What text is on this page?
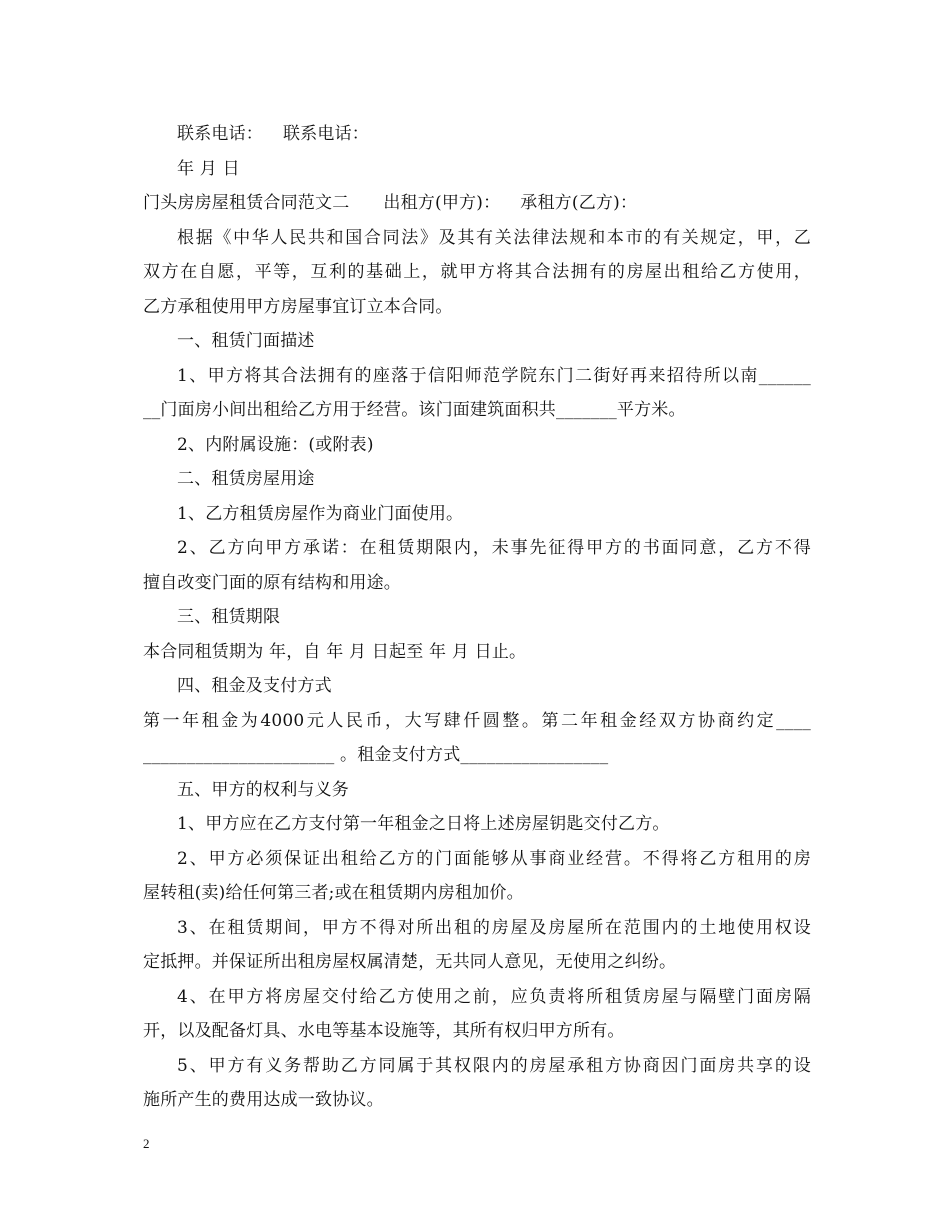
联系电话： 联系电话：
年 月 日
门头房房屋租赁合同范文二 出租方(甲方)： 承租方(乙方)：
根据《中华人民共和国合同法》及其有关法律法规和本市的有关规定，甲，乙
双方在自愿，平等，互利的基础上，就甲方将其合法拥有的房屋出租给乙方使用，
乙方承租使用甲方房屋事宜订立本合同。
一、租赁门面描述
1、甲方将其合法拥有的座落于信阳师范学院东门二街好再来招待所以南______
__门面房小间出租给乙方用于经营。该门面建筑面积共_______平方米。
2、内附属设施：(或附表)
二、租赁房屋用途
1、乙方租赁房屋作为商业门面使用。
2、乙方向甲方承诺：在租赁期限内，未事先征得甲方的书面同意，乙方不得
擅自改变门面的原有结构和用途。
三、租赁期限
本合同租赁期为 年，自 年 月 日起至 年 月 日止。
四、租金及支付方式
第一年租金为4000元人民币，大写肆仟圆整。第二年租金经双方协商约定____
______________________ 。租金支付方式_________________
五、甲方的权利与义务
1、甲方应在乙方支付第一年租金之日将上述房屋钥匙交付乙方。
2、甲方必须保证出租给乙方的门面能够从事商业经营。不得将乙方租用的房
屋转租(卖)给任何第三者;或在租赁期内房租加价。
3、在租赁期间，甲方不得对所出租的房屋及房屋所在范围内的土地使用权设
定抵押。并保证所出租房屋权属清楚，无共同人意见，无使用之纠纷。
4、在甲方将房屋交付给乙方使用之前，应负责将所租赁房屋与隔壁门面房隔
开，以及配备灯具、水电等基本设施等，其所有权归甲方所有。
5、甲方有义务帮助乙方同属于其权限内的房屋承租方协商因门面房共享的设
施所产生的费用达成一致协议。
2
